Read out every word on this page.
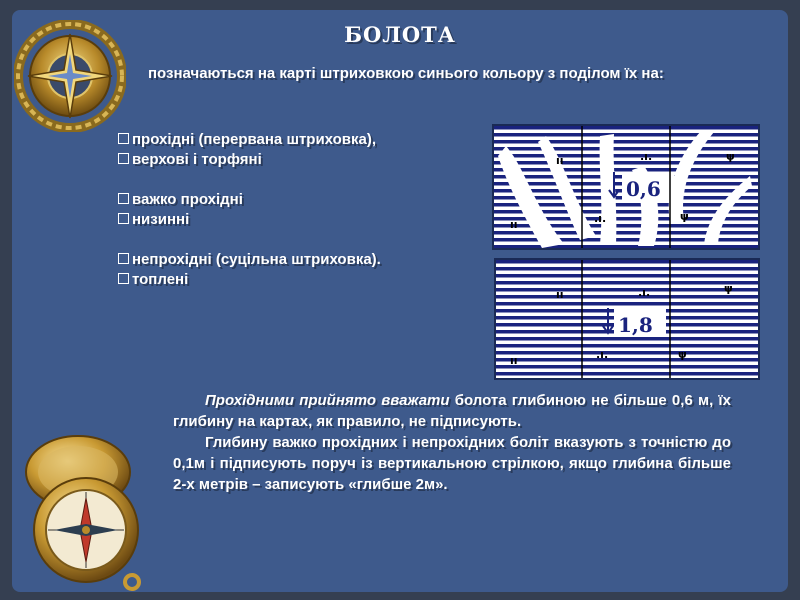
БОЛОТА
позначаються на карті штриховкою синього кольору з поділом їх на:
прохідні (перервана штриховка),
верхові і торфяні
важко прохідні
низинні
непрохідні (суцільна штриховка).
топлені
ıı
ıı
.ı.
.ı.
ψ
ψ
0,6
ıı
ıı
.ı.
.ı.
ψ
ψ
1,8

Прохідними прийнято вважати болота глибиною не більше 0,6 м, їх глибину на картах, як правило, не підписують.

Глибину важко прохідних і непрохідних боліт вказують з точністю до 0,1м і підписують поруч із вертикальною стрілкою, якщо глибина більше 2-х метрів – записують «глибше 2м».
